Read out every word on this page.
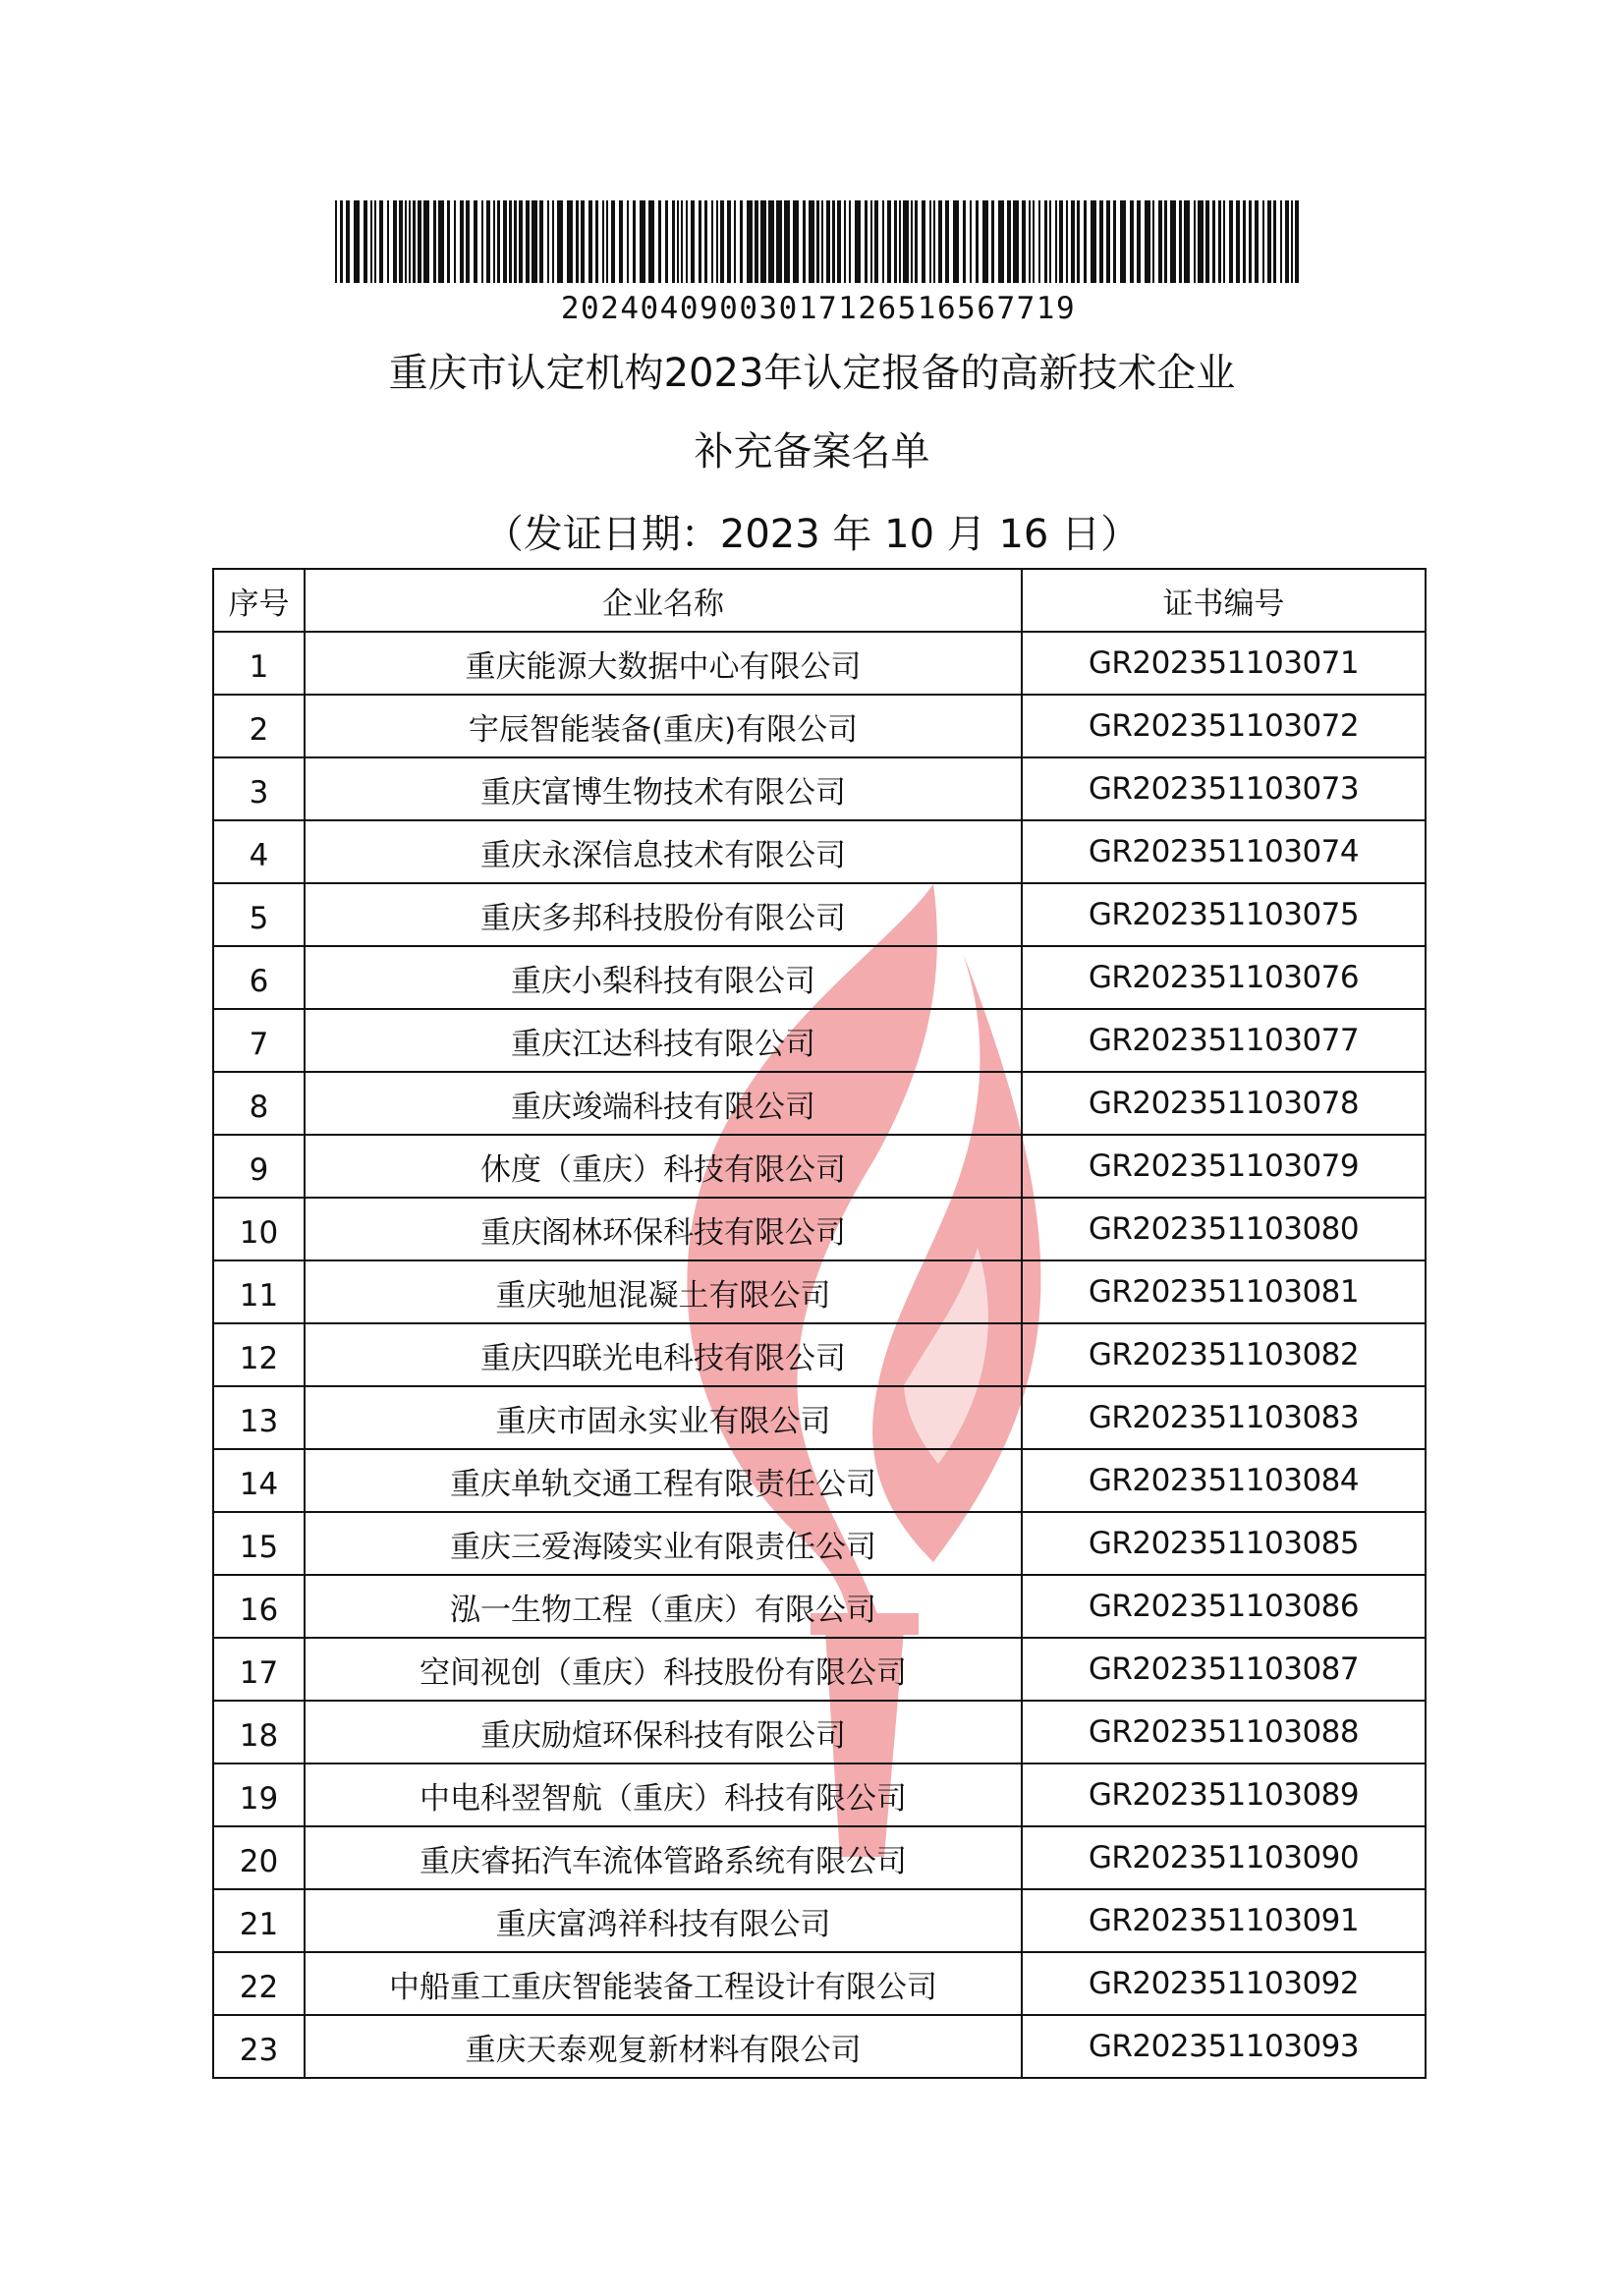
20240409003017126516567719
重庆市认定机构2023年认定报备的高新技术企业
补充备案名单
（发证日期：2023 年 10 月 16 日）
序号	企业名称	证书编号
1	重庆能源大数据中心有限公司	GR202351103071
2	宇辰智能装备(重庆)有限公司	GR202351103072
3	重庆富博生物技术有限公司	GR202351103073
4	重庆永深信息技术有限公司	GR202351103074
5	重庆多邦科技股份有限公司	GR202351103075
6	重庆小梨科技有限公司	GR202351103076
7	重庆江达科技有限公司	GR202351103077
8	重庆竣端科技有限公司	GR202351103078
9	休度（重庆）科技有限公司	GR202351103079
10	重庆阁林环保科技有限公司	GR202351103080
11	重庆驰旭混凝土有限公司	GR202351103081
12	重庆四联光电科技有限公司	GR202351103082
13	重庆市固永实业有限公司	GR202351103083
14	重庆单轨交通工程有限责任公司	GR202351103084
15	重庆三爱海陵实业有限责任公司	GR202351103085
16	泓一生物工程（重庆）有限公司	GR202351103086
17	空间视创（重庆）科技股份有限公司	GR202351103087
18	重庆励煊环保科技有限公司	GR202351103088
19	中电科翌智航（重庆）科技有限公司	GR202351103089
20	重庆睿拓汽车流体管路系统有限公司	GR202351103090
21	重庆富鸿祥科技有限公司	GR202351103091
22	中船重工重庆智能装备工程设计有限公司	GR202351103092
23	重庆天泰观复新材料有限公司	GR202351103093
